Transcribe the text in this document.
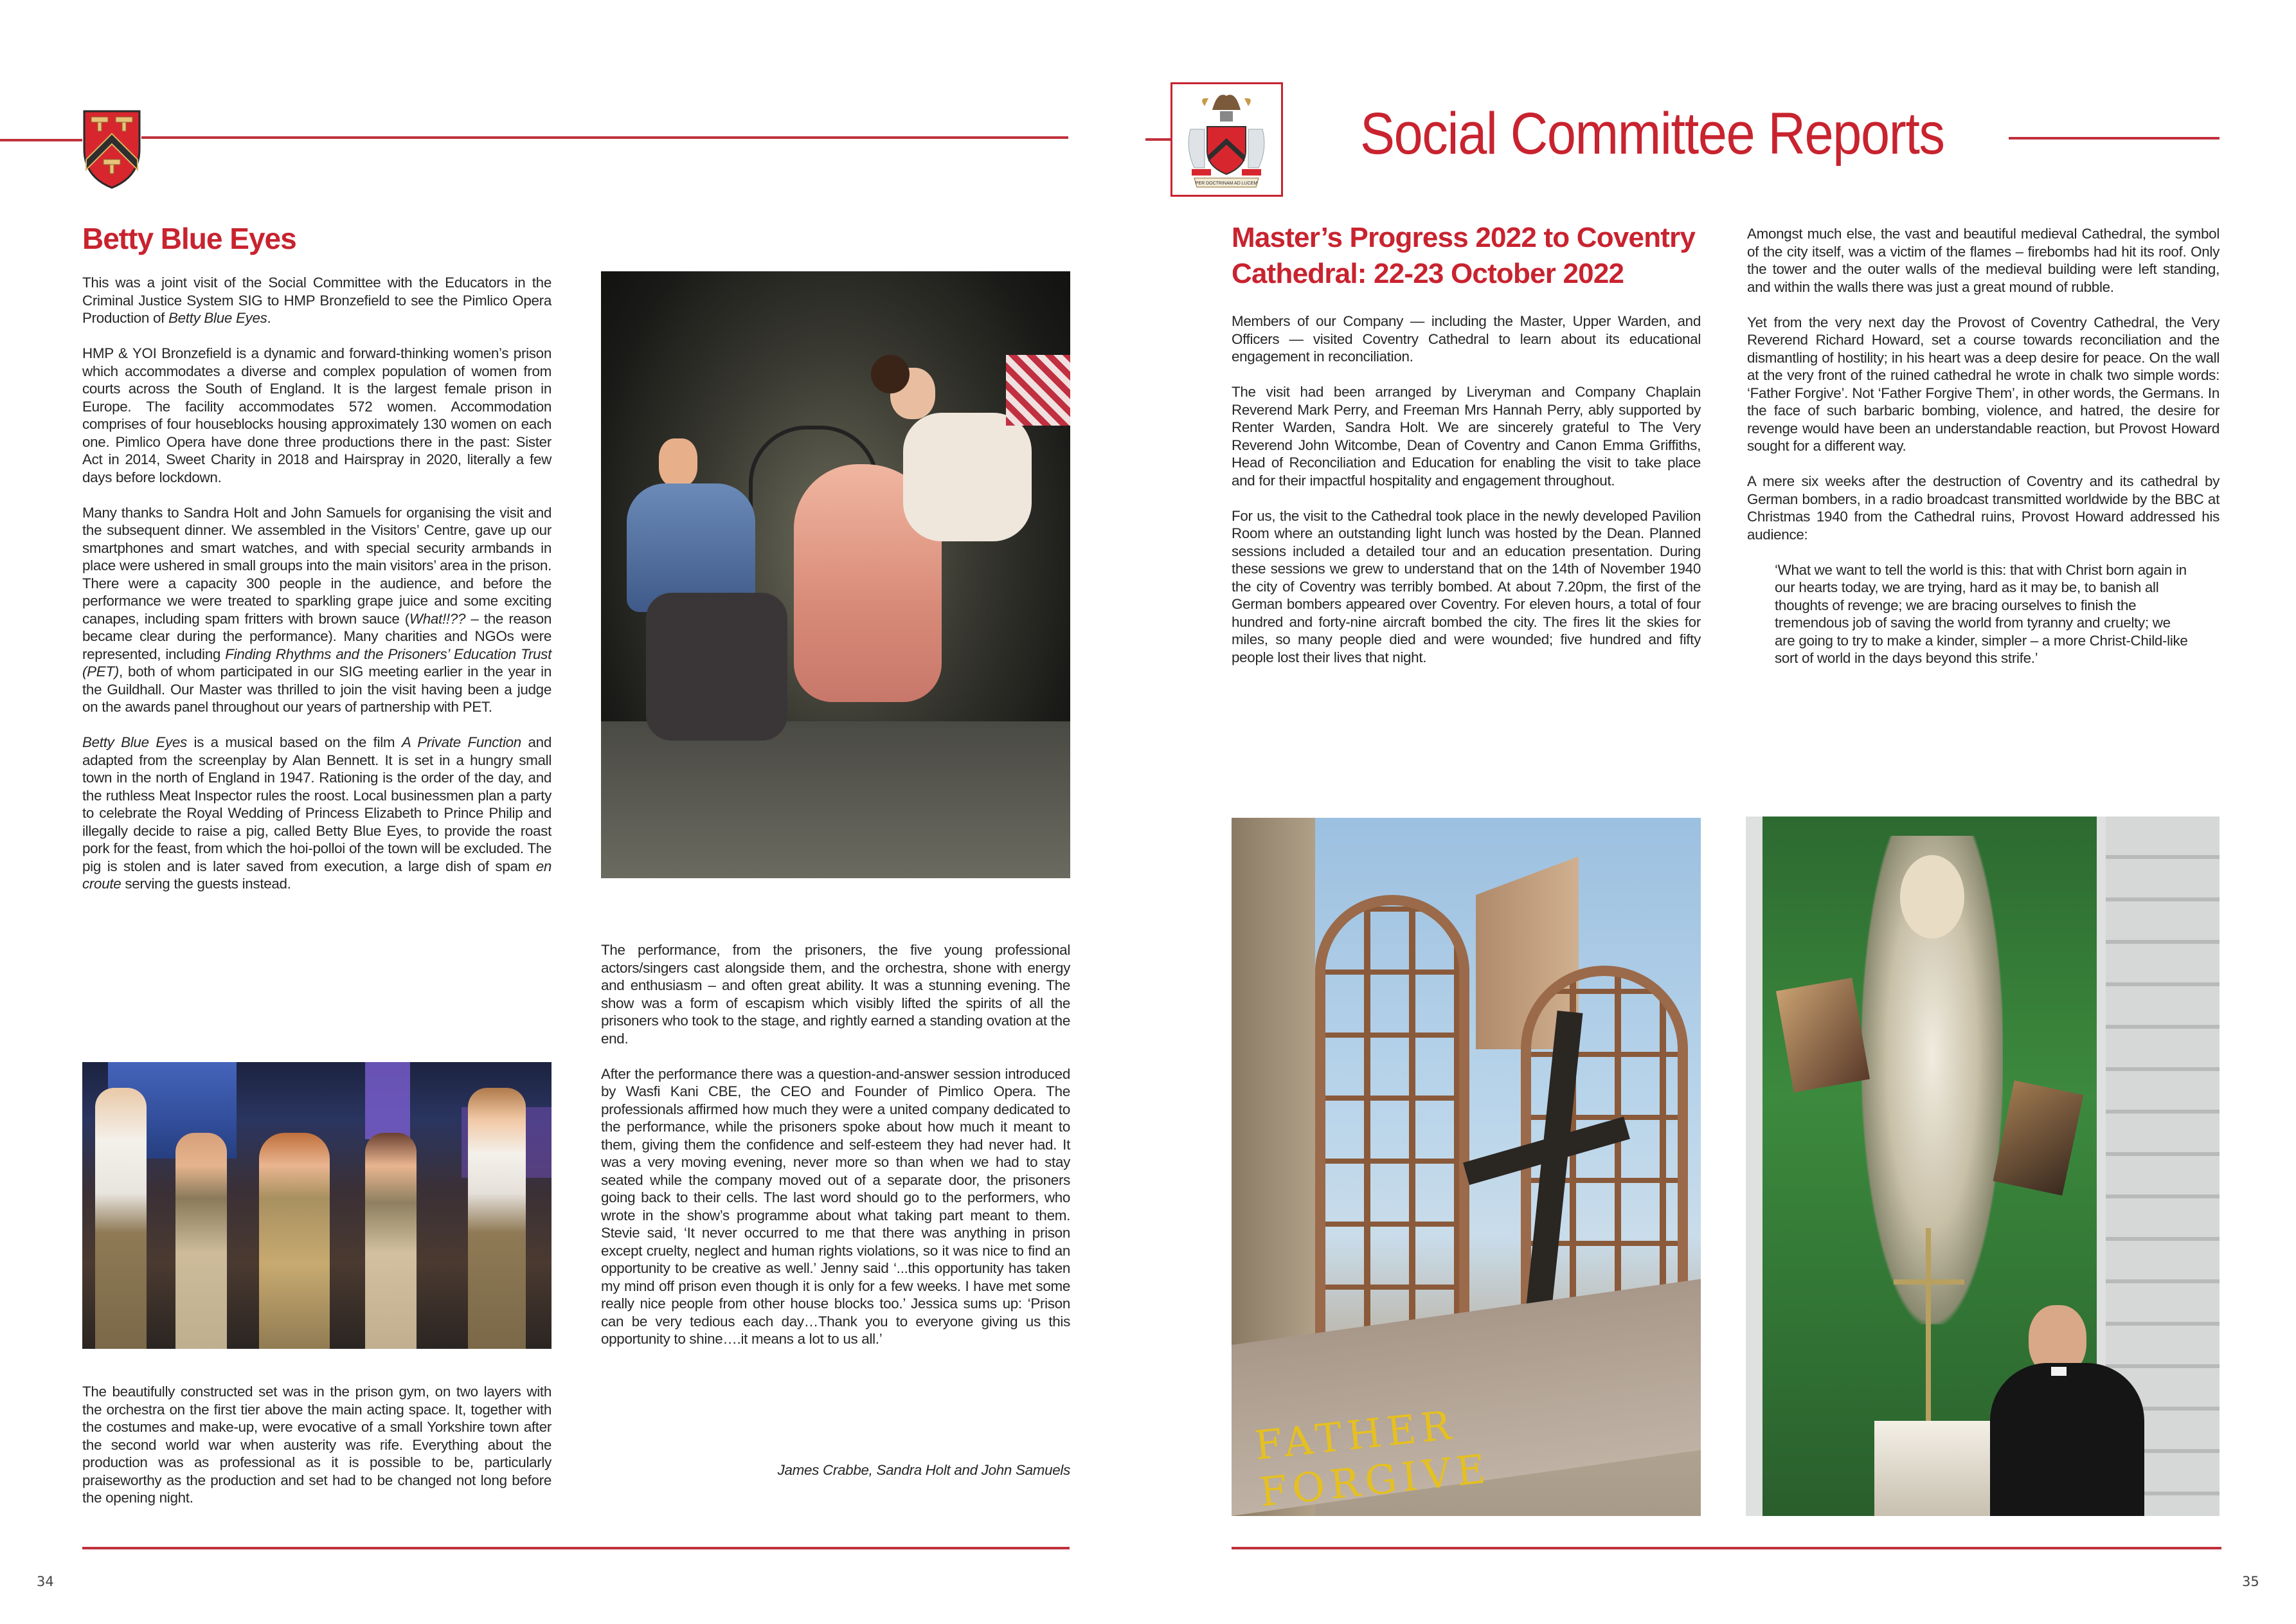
PER DOCTRINAM AD LUCEM
Social Committee Reports
Betty Blue Eyes

This was a joint visit of the Social Committee with the Educators in the Criminal Justice System SIG to HMP Bronzefield to see the Pimlico Opera Production of Betty Blue Eyes.

HMP & YOI Bronzefield is a dynamic and forward-thinking women’s prison which accommodates a diverse and complex population of women from courts across the South of England. It is the largest female prison in Europe. The facility accommodates 572 women. Accommodation comprises of four houseblocks housing approximately 130 women on each one. Pimlico Opera have done three productions there in the past: Sister Act in 2014, Sweet Charity in 2018 and Hairspray in 2020, literally a few days before lockdown.

Many thanks to Sandra Holt and John Samuels for organising the visit and the subsequent dinner. We assembled in the Visitors’ Centre, gave up our smartphones and smart watches, and with special security armbands in place were ushered in small groups into the main visitors’ area in the prison. There were a capacity 300 people in the audience, and before the performance we were treated to sparkling grape juice and some exciting canapes, including spam fritters with brown sauce (What!!?? – the reason became clear during the performance). Many charities and NGOs were represented, including Finding Rhythms and the Prisoners’ Education Trust (PET), both of whom participated in our SIG meeting earlier in the year in the Guildhall. Our Master was thrilled to join the visit having been a judge on the awards panel throughout our years of partnership with PET.

Betty Blue Eyes is a musical based on the film A Private Function and adapted from the screenplay by Alan Bennett. It is set in a hungry small town in the north of England in 1947. Rationing is the order of the day, and the ruthless Meat Inspector rules the roost. Local businessmen plan a party to celebrate the Royal Wedding of Princess Elizabeth to Prince Philip and illegally decide to raise a pig, called Betty Blue Eyes, to provide the roast pork for the feast, from which the hoi-polloi of the town will be excluded. The pig is stolen and is later saved from execution, a large dish of spam en croute serving the guests instead.

The beautifully constructed set was in the prison gym, on two layers with the orchestra on the first tier above the main acting space. It, together with the costumes and make-up, were evocative of a small Yorkshire town after the second world war when austerity was rife. Everything about the production was as professional as it is possible to be, particularly praiseworthy as the production and set had to be changed not long before the opening night.

The performance, from the prisoners, the five young professional actors/singers cast alongside them, and the orchestra, shone with energy and enthusiasm – and often great ability. It was a stunning evening. The show was a form of escapism which visibly lifted the spirits of all the prisoners who took to the stage, and rightly earned a standing ovation at the end.

After the performance there was a question-and-answer session introduced by Wasfi Kani CBE, the CEO and Founder of Pimlico Opera. The professionals affirmed how much they were a united company dedicated to the performance, while the prisoners spoke about how much it meant to them, giving them the confidence and self-esteem they had never had. It was a very moving evening, never more so than when we had to stay seated while the company moved out of a separate door, the prisoners going back to their cells. The last word should go to the performers, who wrote in the show’s programme about what taking part meant to them. Stevie said, ‘It never occurred to me that there was anything in prison except cruelty, neglect and human rights violations, so it was nice to find an opportunity to be creative as well.’ Jenny said ‘...this opportunity has taken my mind off prison even though it is only for a few weeks. I have met some really nice people from other house blocks too.’ Jessica sums up: ‘Prison can be very tedious each day…Thank you to everyone giving us this opportunity to shine….it means a lot to us all.’

James Crabbe, Sandra Holt and John Samuels
34
Master’s Progress 2022 to Coventry
Cathedral: 22-23 October 2022

Members of our Company — including the Master, Upper Warden, and Officers — visited Coventry Cathedral to learn about its educational engagement in reconciliation.

The visit had been arranged by Liveryman and Company Chaplain Reverend Mark Perry, and Freeman Mrs Hannah Perry, ably supported by Renter Warden, Sandra Holt. We are sincerely grateful to The Very Reverend John Witcombe, Dean of Coventry and Canon Emma Griffiths, Head of Reconciliation and Education for enabling the visit to take place and for their impactful hospitality and engagement throughout.

For us, the visit to the Cathedral took place in the newly developed Pavilion Room where an outstanding light lunch was hosted by the Dean. Planned sessions included a detailed tour and an education presentation. During these sessions we grew to understand that on the 14th of November 1940 the city of Coventry was terribly bombed. At about 7.20pm, the first of the German bombers appeared over Coventry. For eleven hours, a total of four hundred and forty-nine aircraft bombed the city. The fires lit the skies for miles, so many people died and were wounded; five hundred and fifty people lost their lives that night.

FATHER FORGIVE

Amongst much else, the vast and beautiful medieval Cathedral, the symbol of the city itself, was a victim of the flames – firebombs had hit its roof. Only the tower and the outer walls of the medieval building were left standing, and within the walls there was just a great mound of rubble.

Yet from the very next day the Provost of Coventry Cathedral, the Very Reverend Richard Howard, set a course towards reconciliation and the dismantling of hostility; in his heart was a deep desire for peace. On the wall at the very front of the ruined cathedral he wrote in chalk two simple words: ‘Father Forgive’. Not ‘Father Forgive Them’, in other words, the Germans. In the face of such barbaric bombing, violence, and hatred, the desire for revenge would have been an understandable reaction, but Provost Howard sought for a different way.

A mere six weeks after the destruction of Coventry and its cathedral by German bombers, in a radio broadcast transmitted worldwide by the BBC at Christmas 1940 from the Cathedral ruins, Provost Howard addressed his audience:

‘What we want to tell the world is this: that with Christ born again in our hearts today, we are trying, hard as it may be, to banish all thoughts of revenge; we are bracing ourselves to finish the tremendous job of saving the world from tyranny and cruelty; we are going to try to make a kinder, simpler – a more Christ-Child-like sort of world in the days beyond this strife.’

35
